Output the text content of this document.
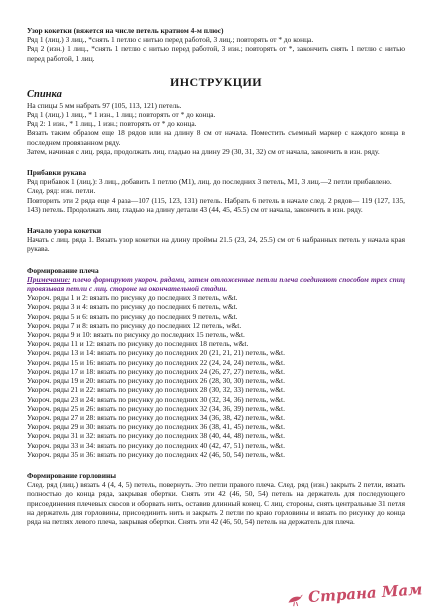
Узор кокетки (вяжется на числе петель кратном 4-м плюс)

Ряд 1 (лиц.) 3 лиц., *снять 1 петлю с нитью перед работой, 3 лиц.; повторять от * до конца.

Ряд 2 (изн.) 1 лиц., *снять 1 петлю с нитью перед работой, 3 изн.; повторять от *, закончить снять 1 петлю с нитью перед работой, 1 лиц.

ИНСТРУКЦИИ

Спинка

На спицы 5 мм набрать 97 (105, 113, 121) петель.

Ряд 1 (лиц.) 1 лиц., * 1 изн., 1 лиц.; повторять от * до конца.

Ряд 2: 1 изн., * 1 лиц., 1 изн.; повторять от * до конца.

Вязать таким образом еще 18 рядов или на длину 8 см от начала. Поместить съемный маркер с каждого конца в последнем провязанном ряду.

Затем, начиная с лиц. ряда, продолжать лиц. гладью на длину 29 (30, 31, 32) см от начала, закончить в изн. ряду.

Прибавки рукава

Ряд прибавок 1 (лиц.): 3 лиц., добавить 1 петлю (M1), лиц. до последних 3 петель, M1, 3 лиц.—2 петли прибавлено.

След. ряд: изн. петли.

Повторить эти 2 ряда еще 4 раза—107 (115, 123, 131) петель. Набрать 6 петель в начале след. 2 рядов— 119 (127, 135, 143) петель. Продолжать лиц. гладью на длину детали 43 (44, 45, 45.5) см от начала, закончить в изн. ряду.

Начало узора кокетки

Начать с лиц. ряда 1. Вязать узор кокетки на длину проймы 21.5 (23, 24, 25.5) см от 6 набранных петель у начала края рукава.

Формирование плеча

Примечание: плечо формируют укороч. рядами, затем отложенные петли плеча соединяют способом трех спиц провязывая петли с лиц. стороне на окончательной стадии.

Укороч. ряды 1 и 2: вязать по рисунку до последних 3 петель, w&t.

Укороч. ряды 3 и 4: вязать по рисунку до последних 6 петель, w&t.

Укороч. ряды 5 и 6: вязать по рисунку до последних 9 петель, w&t.

Укороч. ряды 7 и 8: вязать по рисунку до последних 12 петель, w&t.

Укороч. ряды 9 и 10: вязать по рисунку до последних 15 петель, w&t.

Укороч. ряды 11 и 12: вязать по рисунку до последних 18 петель, w&t.

Укороч. ряды 13 и 14: вязать по рисунку до последних 20 (21, 21, 21) петель, w&t.

Укороч. ряды 15 и 16: вязать по рисунку до последних 22 (24, 24, 24) петель, w&t.

Укороч. ряды 17 и 18: вязать по рисунку до последних 24 (26, 27, 27) петель, w&t.

Укороч. ряды 19 и 20: вязать по рисунку до последних 26 (28, 30, 30) петель, w&t.

Укороч. ряды 21 и 22: вязать по рисунку до последних 28 (30, 32, 33) петель, w&t.

Укороч. ряды 23 и 24: вязать по рисунку до последних 30 (32, 34, 36) петель, w&t.

Укороч. ряды 25 и 26: вязать по рисунку до последних 32 (34, 36, 39) петель, w&t.

Укороч. ряды 27 и 28: вязать по рисунку до последних 34 (36, 38, 42) петель, w&t.

Укороч. ряды 29 и 30: вязать по рисунку до последних 36 (38, 41, 45) петель, w&t.

Укороч. ряды 31 и 32: вязать по рисунку до последних 38 (40, 44, 48) петель, w&t.

Укороч. ряды 33 и 34: вязать по рисунку до последних 40 (42, 47, 51) петель, w&t.

Укороч. ряды 35 и 36: вязать по рисунку до последних 42 (46, 50, 54) петель, w&t.

Формирование горловины

След. ряд (лиц.) вязать 4 (4, 4, 5) петель, повернуть. Это петли правого плеча. След. ряд (изн.) закрыть 2 петли, вязать полностью до конца ряда, закрывая обертки. Снять эти 42 (46, 50, 54) петель на держатель для последующего присоединения плечевых скосов и оборвать нить, оставив длинный конец. С лиц. стороны, снять центральные 31 петля на держатель для горловины, присоединить нить и закрыть 2 петли по краю горловины и вязать по рисунку до конца ряда на петлях левого плеча, закрывая обертки. Снять эти 42 (46, 50, 54) петель на держатель для плеча.

Страна Мам
